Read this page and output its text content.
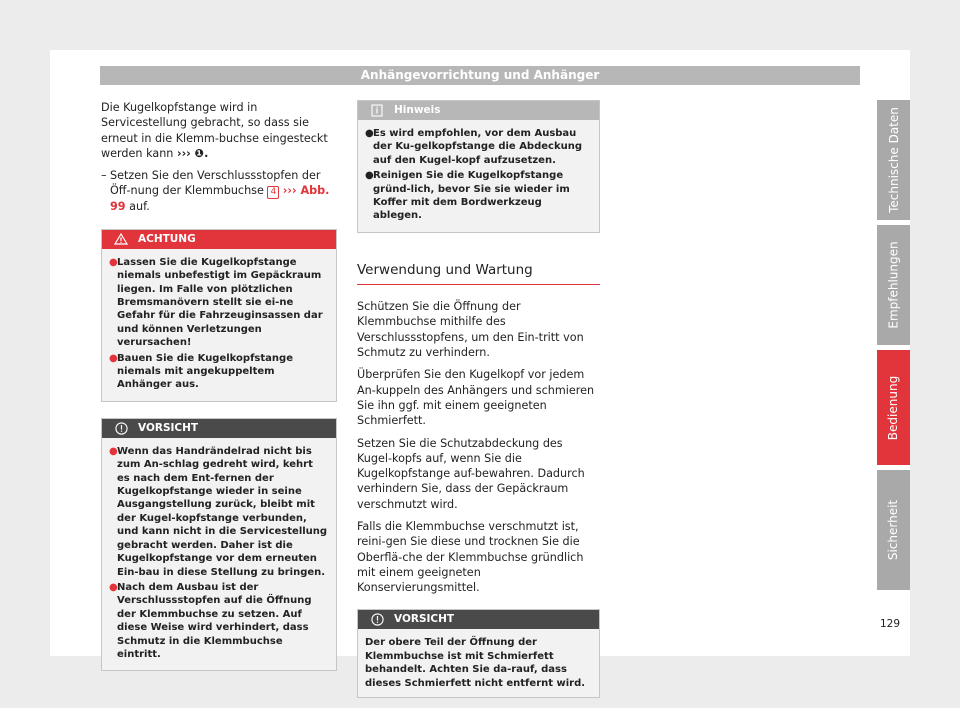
Anhängevorrichtung und Anhänger

Die Kugelkopfstange wird in Servicestellung gebracht, so dass sie erneut in die Klemm-buchse eingesteckt werden kann ››› ❶.

– Setzen Sie den Verschlussstopfen der Öff-nung der Klemmbuchse 4 ››› Abb. 99 auf.
ACHTUNG
● Lassen Sie die Kugelkopfstange niemals unbefestigt im Gepäckraum liegen. Im Falle von plötzlichen Bremsmanövern stellt sie ei-ne Gefahr für die Fahrzeuginsassen dar und können Verletzungen verursachen!
● Bauen Sie die Kugelkopfstange niemals mit angekuppeltem Anhänger aus.
VORSICHT
● Wenn das Handrändelrad nicht bis zum An-schlag gedreht wird, kehrt es nach dem Ent-fernen der Kugelkopfstange wieder in seine Ausgangstellung zurück, bleibt mit der Kugel-kopfstange verbunden, und kann nicht in die Servicestellung gebracht werden. Daher ist die Kugelkopfstange vor dem erneuten Ein-bau in diese Stellung zu bringen.
● Nach dem Ausbau ist der Verschlussstopfen auf die Öffnung der Klemmbuchse zu setzen. Auf diese Weise wird verhindert, dass Schmutz in die Klemmbuchse eintritt.
Hinweis
● Es wird empfohlen, vor dem Ausbau der Ku-gelkopfstange die Abdeckung auf den Kugel-kopf aufzusetzen.
● Reinigen Sie die Kugelkopfstange gründ-lich, bevor Sie sie wieder im Koffer mit dem Bordwerkzeug ablegen.
Verwendung und Wartung

Schützen Sie die Öffnung der Klemmbuchse mithilfe des Verschlussstopfens, um den Ein-tritt von Schmutz zu verhindern.

Überprüfen Sie den Kugelkopf vor jedem An-kuppeln des Anhängers und schmieren Sie ihn ggf. mit einem geeigneten Schmierfett.

Setzen Sie die Schutzabdeckung des Kugel-kopfs auf, wenn Sie die Kugelkopfstange auf-bewahren. Dadurch verhindern Sie, dass der Gepäckraum verschmutzt wird.

Falls die Klemmbuchse verschmutzt ist, reini-gen Sie diese und trocknen Sie die Oberflä-che der Klemmbuchse gründlich mit einem geeigneten Konservierungsmittel.

VORSICHT
Der obere Teil der Öffnung der Klemmbuchse ist mit Schmierfett behandelt. Achten Sie da-rauf, dass dieses Schmierfett nicht entfernt wird.
Technische Daten
Empfehlungen
Bedienung
Sicherheit
129
